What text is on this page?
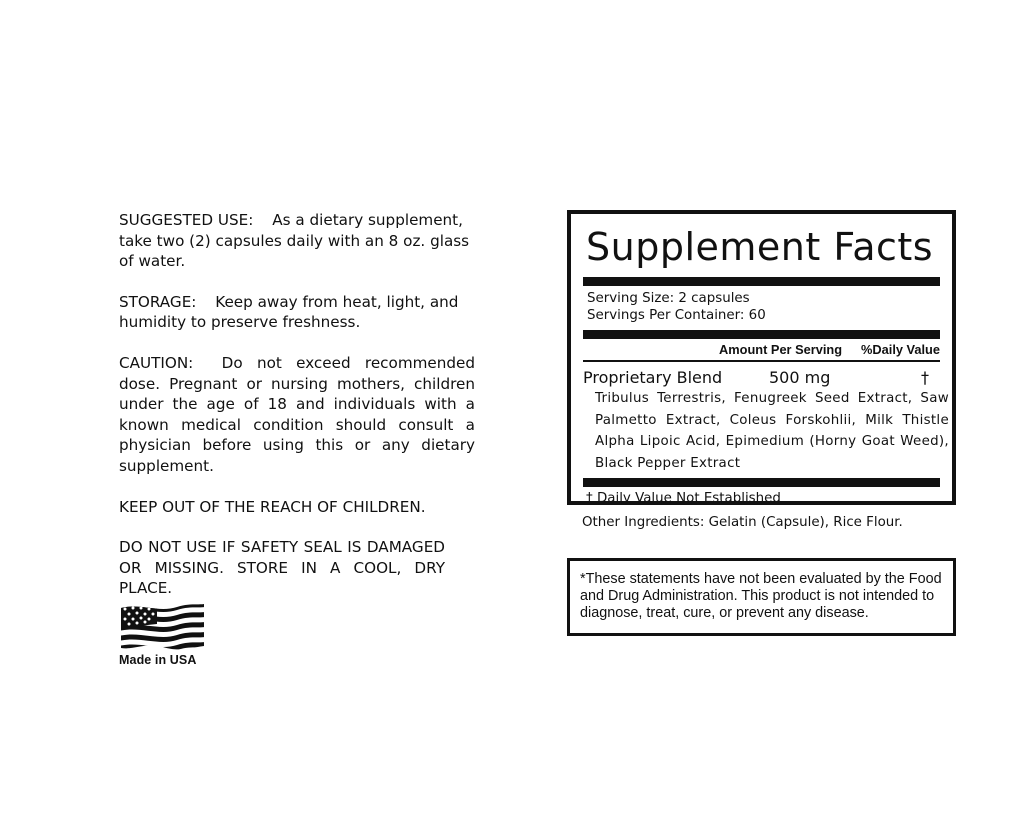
SUGGESTED USE: As a dietary supplement, take two (2) capsules daily with an 8 oz. glass of water.

STORAGE: Keep away from heat, light, and humidity to preserve freshness.

CAUTION: Do not exceed recommended dose. Pregnant or nursing mothers, children under the age of 18 and individuals with a known medical condition should consult a physician before using this or any dietary supplement.

KEEP OUT OF THE REACH OF CHILDREN.

DO NOT USE IF SAFETY SEAL IS DAMAGED OR MISSING. STORE IN A COOL, DRY PLACE.

Made in USA
Supplement Facts
Serving Size: 2 capsules
Servings Per Container: 60
Amount Per Serving %Daily Value
Proprietary Blend	500 mg	†
Tribulus Terrestris, Fenugreek Seed Extract, Saw Palmetto Extract, Coleus Forskohlii, Milk Thistle Alpha Lipoic Acid, Epimedium (Horny Goat Weed), Black Pepper Extract
† Daily Value Not Established
Other Ingredients: Gelatin (Capsule), Rice Flour.
*These statements have not been evaluated by the Food and Drug Administration. This product is not intended to diagnose, treat, cure, or prevent any disease.
